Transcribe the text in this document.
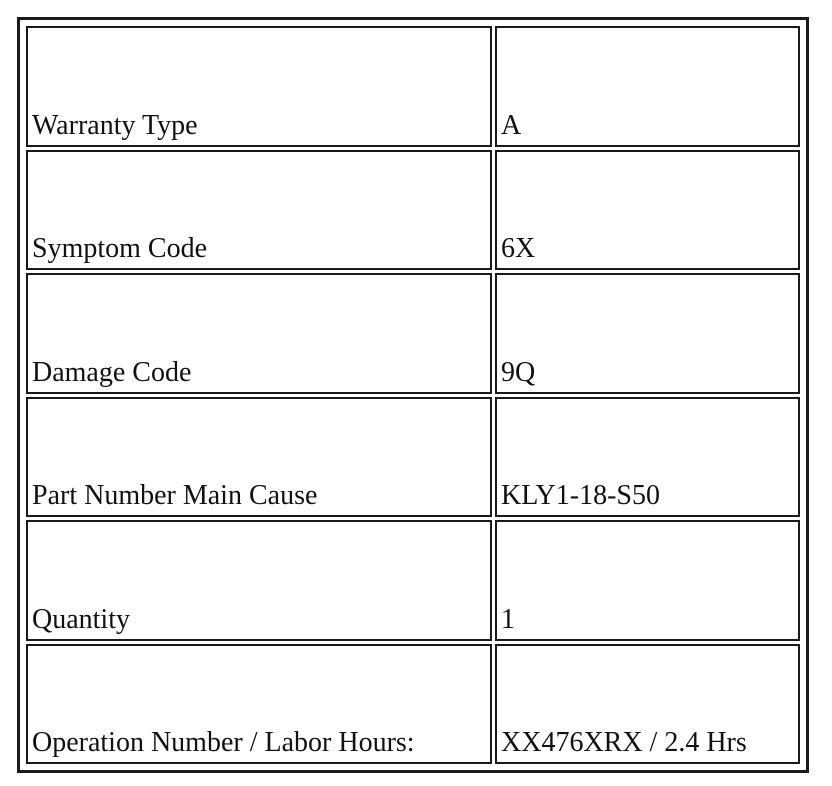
Warranty Type	A
Symptom Code	6X
Damage Code	9Q
Part Number Main Cause	KLY1-18-S50
Quantity	1
Operation Number / Labor Hours:	XX476XRX / 2.4 Hrs
